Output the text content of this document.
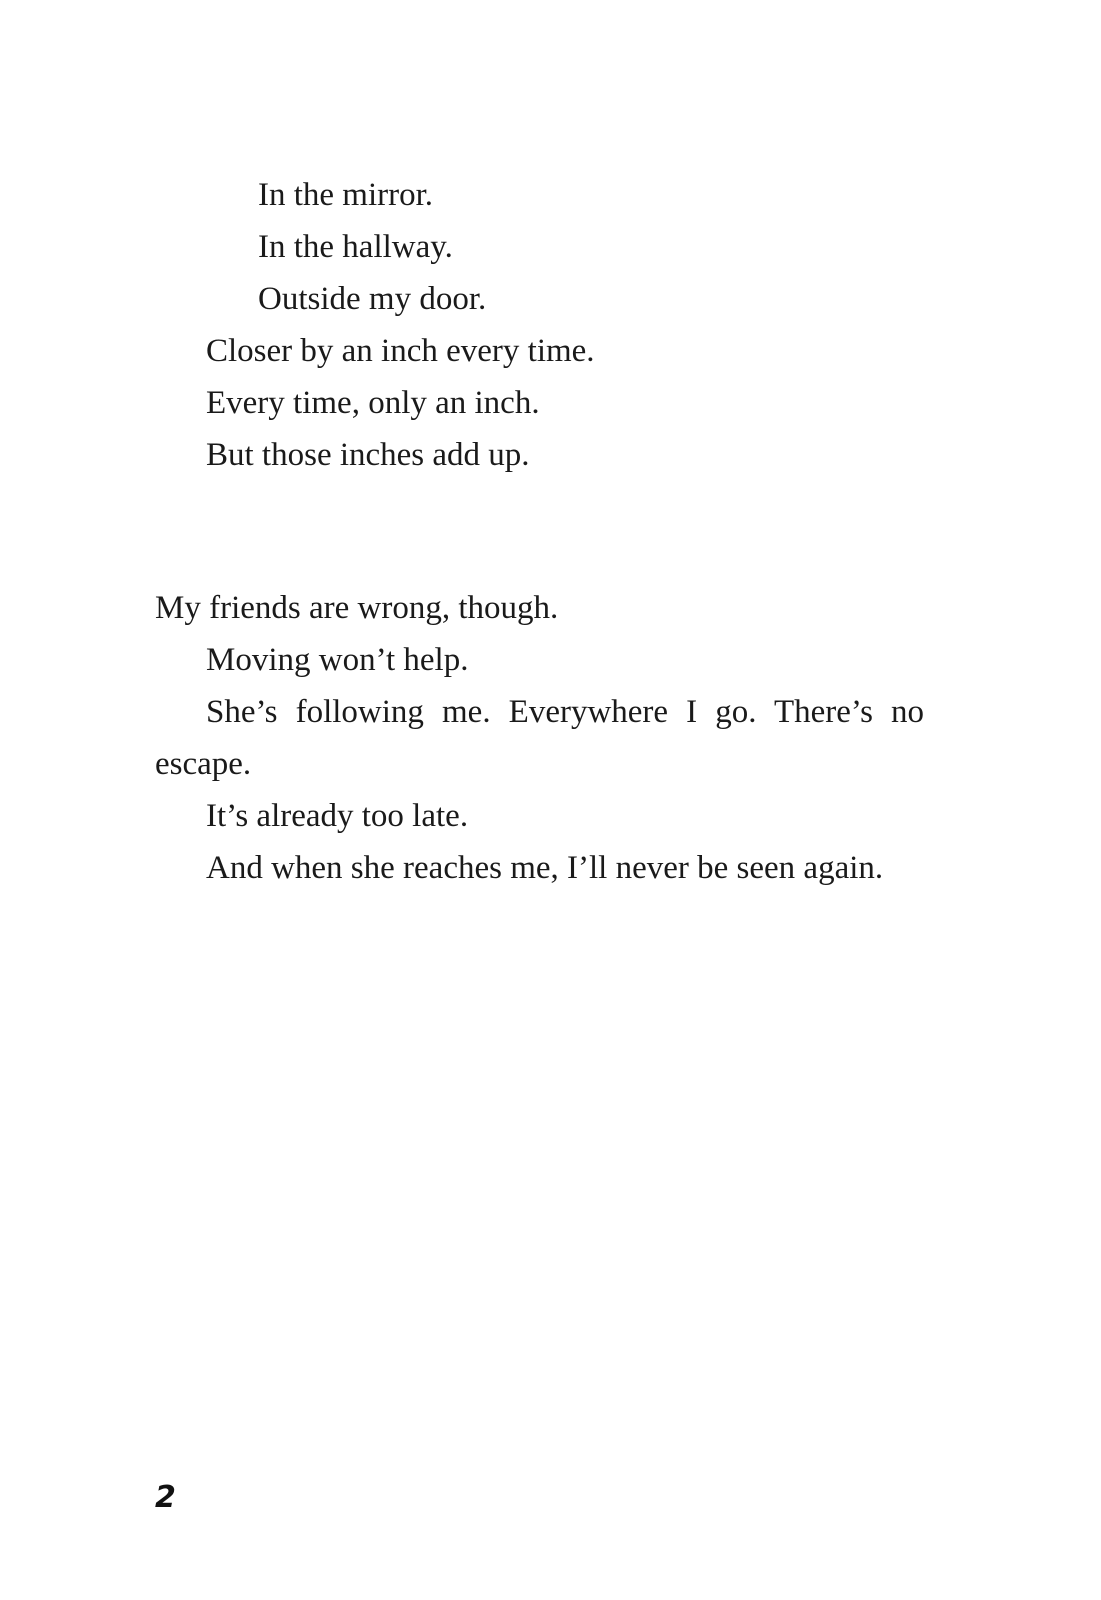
In the mirror.
In the hallway.
Outside my door.
Closer by an inch every time.
Every time, only an inch.
But those inches add up.
My friends are wrong, though.
Moving won’t help.
She’s following me. Everywhere I go. There’s no
escape.
It’s already too late.
And when she reaches me, I’ll never be seen again.
2
